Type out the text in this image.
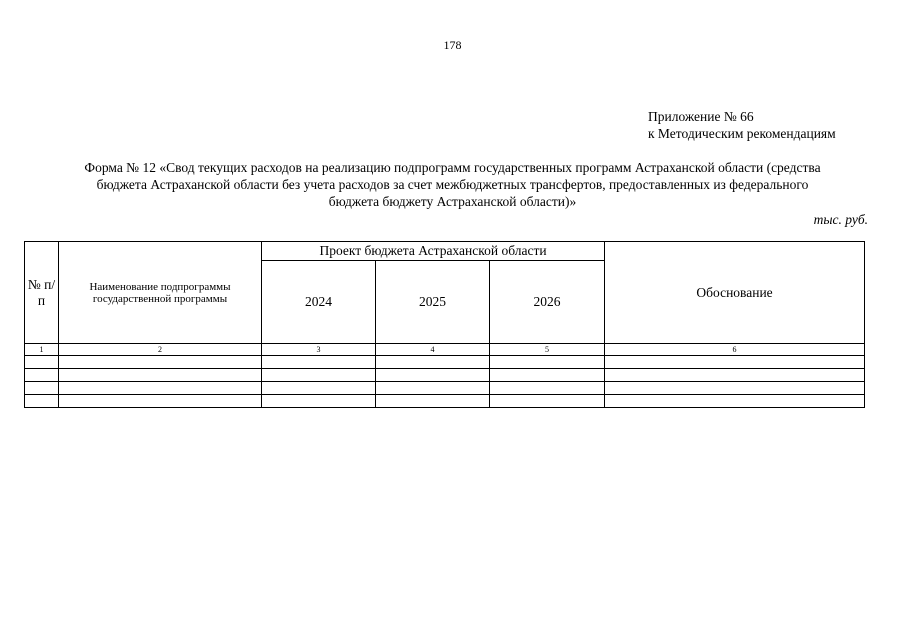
178
Приложение № 66
к Методическим рекомендациям
Форма № 12 «Свод текущих расходов на реализацию подпрограмм государственных программ Астраханской области (средства
бюджета Астраханской области без учета расходов за счет межбюджетных трансфертов, предоставленных из федерального
бюджета бюджету Астраханской области)»
тыс. руб.
№ п/п	Наименование подпрограммы государственной программы	Проект бюджета Астраханской области			Обоснование
		2024	2025	2026	
1	2	3	4	5	6
